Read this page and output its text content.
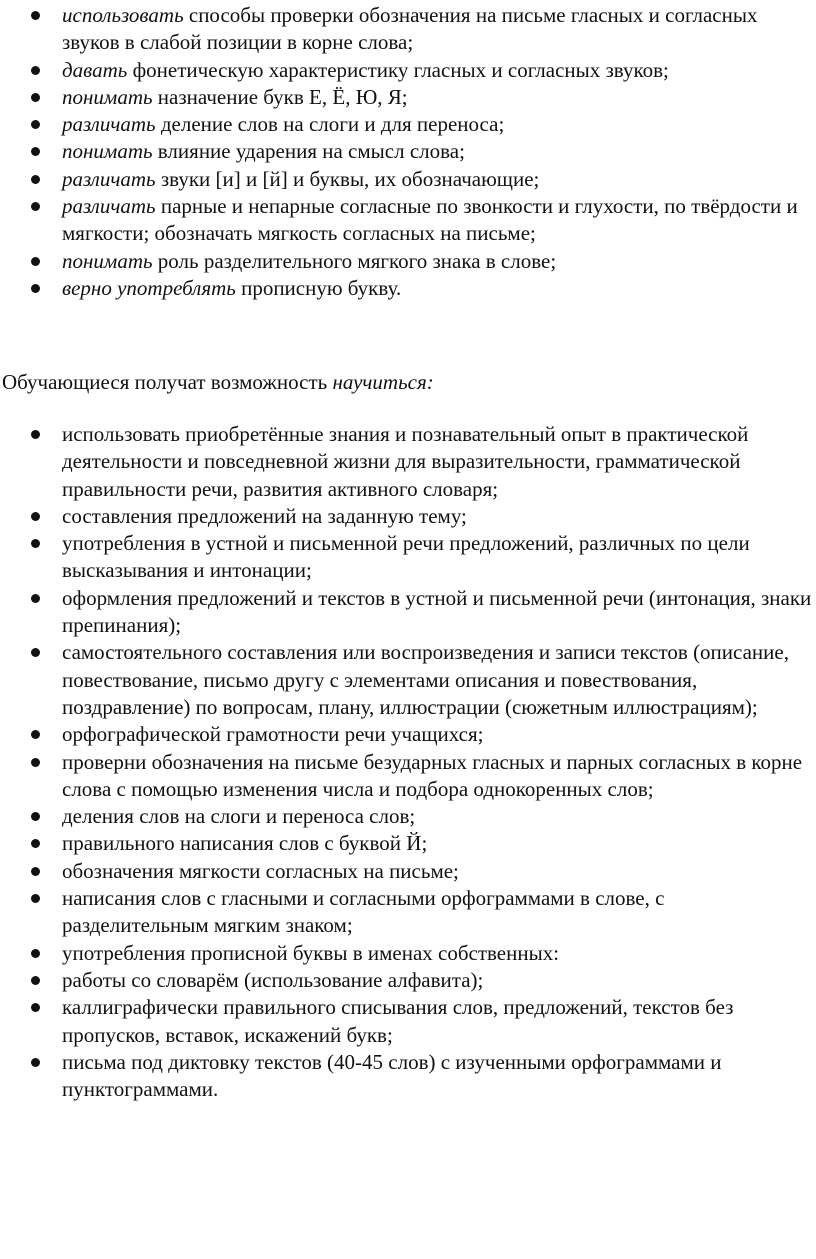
использовать способы проверки обозначения на письме гласных и согласных звуков в слабой позиции в корне слова;
давать фонетическую характеристику гласных и согласных звуков;
понимать назначение букв Е, Ё, Ю, Я;
различать деление слов на слоги и для переноса;
понимать влияние ударения на смысл слова;
различать звуки [и] и [й] и буквы, их обозначающие;
различать парные и непарные согласные по звонкости и глухости, по твёрдости и мягкости; обозначать мягкость согласных на письме;
понимать роль разделительного мягкого знака в слове;
верно употреблять прописную букву.

Обучающиеся получат возможность научиться:

использовать приобретённые знания и познавательный опыт в практической деятельности и повседневной жизни для выразительности, грамматической правильности речи, развития активного словаря;
составления предложений на заданную тему;
употребления в устной и письменной речи предложений, различных по цели высказывания и интонации;
оформления предложений и текстов в устной и письменной речи (интонация, знаки препинания);
самостоятельного составления или воспроизведения и записи текстов (описание, повествование, письмо другу с элементами описания и повествования, поздравление) по вопросам, плану, иллюстрации (сюжетным иллюстрациям);
орфографической грамотности речи учащихся;
проверни обозначения на письме безударных гласных и парных согласных в корне слова с помощью изменения числа и подбора однокоренных слов;
деления слов на слоги и переноса слов;
правильного написания слов с буквой Й;
обозначения мягкости согласных на письме;
написания слов с гласными и согласными орфограммами в слове, с разделительным мягким знаком;
употребления прописной буквы в именах собственных:
работы со словарём (использование алфавита);
каллиграфически правильного списывания слов, предложений, текстов без пропусков, вставок, искажений букв;
письма под диктовку текстов (40-45 слов) с изученными орфограммами и пунктограммами.
